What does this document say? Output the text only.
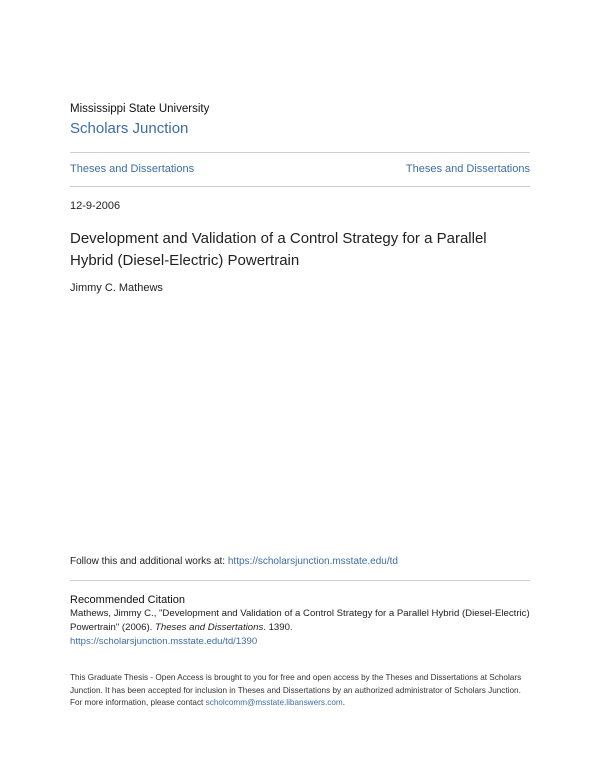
Mississippi State University
Scholars Junction
Theses and Dissertations	Theses and Dissertations
12-9-2006
Development and Validation of a Control Strategy for a Parallel Hybrid (Diesel-Electric) Powertrain
Jimmy C. Mathews
Follow this and additional works at: https://scholarsjunction.msstate.edu/td
Recommended Citation
Mathews, Jimmy C., "Development and Validation of a Control Strategy for a Parallel Hybrid (Diesel-Electric) Powertrain" (2006). Theses and Dissertations. 1390.
https://scholarsjunction.msstate.edu/td/1390
This Graduate Thesis - Open Access is brought to you for free and open access by the Theses and Dissertations at Scholars Junction. It has been accepted for inclusion in Theses and Dissertations by an authorized administrator of Scholars Junction. For more information, please contact scholcomm@msstate.libanswers.com.
